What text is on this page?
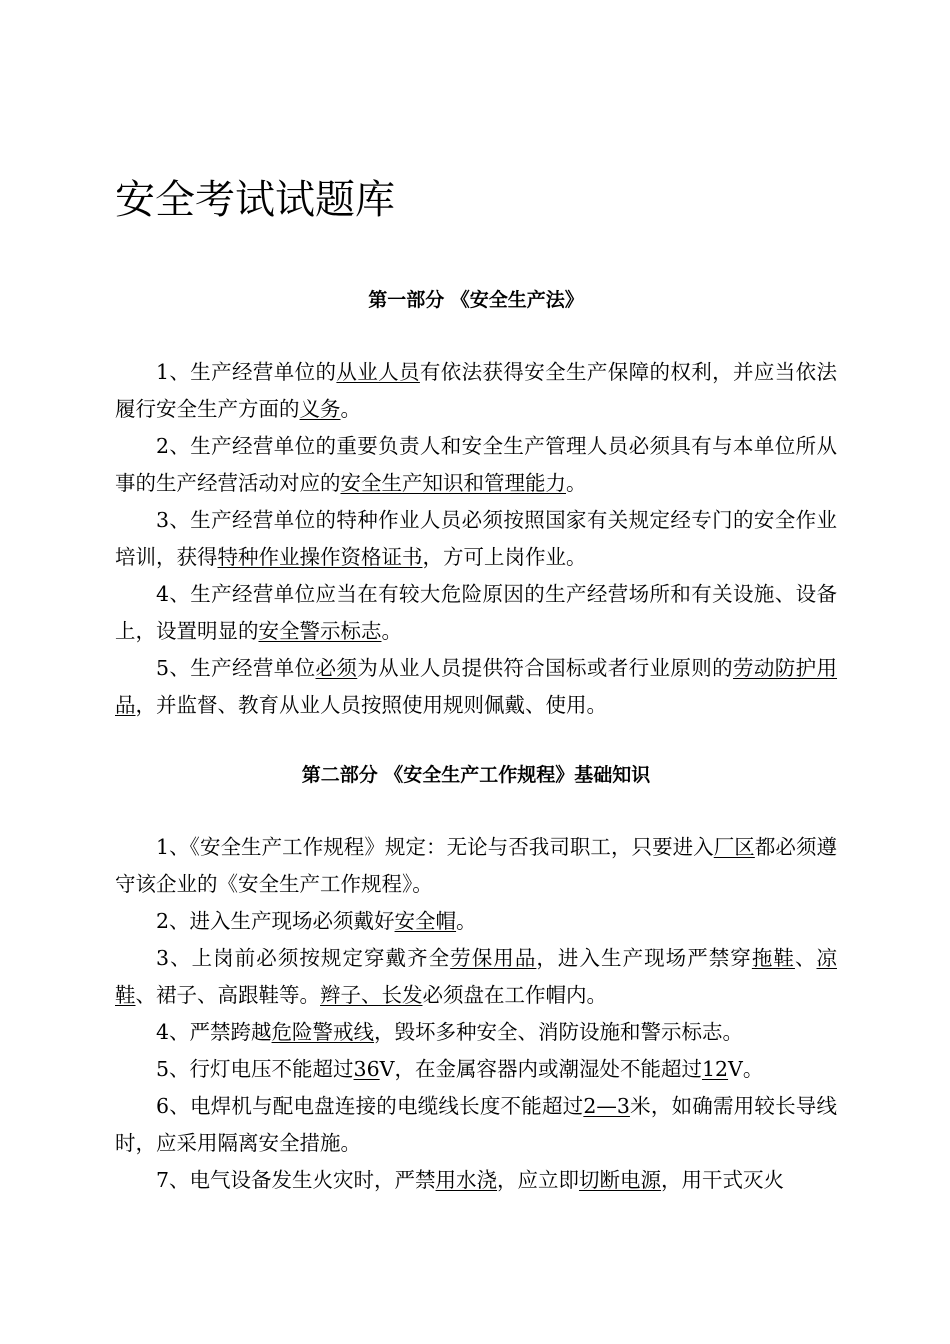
安全考试试题库
第一部分 《安全生产法》
1、生产经营单位的从业人员有依法获得安全生产保障的权利，并应当依法履行安全生产方面的义务。
2、生产经营单位的重要负责人和安全生产管理人员必须具有与本单位所从事的生产经营活动对应的安全生产知识和管理能力。
3、生产经营单位的特种作业人员必须按照国家有关规定经专门的安全作业培训，获得特种作业操作资格证书，方可上岗作业。
4、生产经营单位应当在有较大危险原因的生产经营场所和有关设施、设备上，设置明显的安全警示标志。
5、生产经营单位必须为从业人员提供符合国标或者行业原则的劳动防护用品，并监督、教育从业人员按照使用规则佩戴、使用。
第二部分 《安全生产工作规程》基础知识
1、《安全生产工作规程》规定：无论与否我司职工，只要进入厂区都必须遵守该企业的《安全生产工作规程》。
2、进入生产现场必须戴好安全帽。
3、上岗前必须按规定穿戴齐全劳保用品，进入生产现场严禁穿拖鞋、凉鞋、裙子、高跟鞋等。辫子、长发必须盘在工作帽内。
4、严禁跨越危险警戒线，毁坏多种安全、消防设施和警示标志。
5、行灯电压不能超过36V，在金属容器内或潮湿处不能超过12V。
6、电焊机与配电盘连接的电缆线长度不能超过2—3米，如确需用较长导线时，应采用隔离安全措施。
7、电气设备发生火灾时，严禁用水浇，应立即切断电源，用干式灭火
